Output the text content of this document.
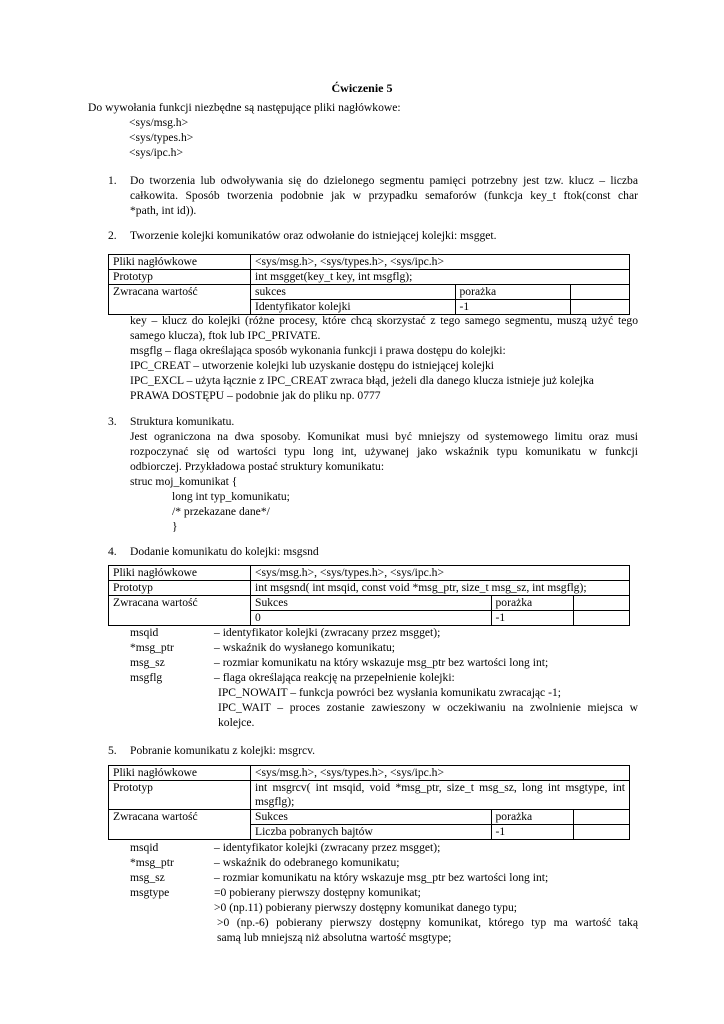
Ćwiczenie 5
Do wywołania funkcji niezbędne są następujące pliki nagłówkowe:
<sys/msg.h>
<sys/types.h>
<sys/ipc.h>
1. Do tworzenia lub odwoływania się do dzielonego segmentu pamięci potrzebny jest tzw. klucz – liczba
całkowita. Sposób tworzenia podobnie jak w przypadku semaforów (funkcja key_t ftok(const char
*path, int id)).
2. Tworzenie kolejki komunikatów oraz odwołanie do istniejącej kolejki: msgget.
Pliki nagłówkowe	<sys/msg.h>, <sys/types.h>, <sys/ipc.h>
Prototyp	int msgget(key_t key, int msgflg);
Zwracana wartość		sukces	porażka	
Identyfikator kolejki	-1	
key – klucz do kolejki (różne procesy, które chcą skorzystać z tego samego segmentu, muszą użyć tego
samego klucza), ftok lub IPC_PRIVATE.
msgflg – flaga określająca sposób wykonania funkcji i prawa dostępu do kolejki:
IPC_CREAT – utworzenie kolejki lub uzyskanie dostępu do istniejącej kolejki
IPC_EXCL – użyta łącznie z IPC_CREAT zwraca błąd, jeżeli dla danego klucza istnieje już kolejka
PRAWA DOSTĘPU – podobnie jak do pliku np. 0777
3. Struktura komunikatu.
Jest ograniczona na dwa sposoby. Komunikat musi być mniejszy od systemowego limitu oraz musi
rozpoczynać się od wartości typu long int, używanej jako wskaźnik typu komunikatu w funkcji
odbiorczej. Przykładowa postać struktury komunikatu:
struc moj_komunikat {
long int typ_komunikatu;
/* przekazane dane*/
}
4. Dodanie komunikatu do kolejki: msgsnd
Pliki nagłówkowe	<sys/msg.h>, <sys/types.h>, <sys/ipc.h>
Prototyp	int msgsnd( int msqid, const void *msg_ptr, size_t msg_sz, int msgflg);
Zwracana wartość		Sukces	porażka	
0	-1	
msqid	– identyfikator kolejki (zwracany przez msgget);
*msg_ptr	– wskaźnik do wysłanego komunikatu;
msg_sz	– rozmiar komunikatu na który wskazuje msg_ptr bez wartości long int;
msgflg	– flaga określająca reakcję na przepełnienie kolejki:
IPC_NOWAIT – funkcja powróci bez wysłania komunikatu zwracając -1;
IPC_WAIT – proces zostanie zawieszony w oczekiwaniu na zwolnienie miejsca w
kolejce.
5. Pobranie komunikatu z kolejki: msgrcv.
Pliki nagłówkowe	<sys/msg.h>, <sys/types.h>, <sys/ipc.h>
Prototyp	int msgrcv( int msqid, void *msg_ptr, size_t msg_sz, long int msgtype, int
msgflg);

Zwracana wartość		Sukces	porażka	
Liczba pobranych bajtów	-1	
msqid	– identyfikator kolejki (zwracany przez msgget);
*msg_ptr	– wskaźnik do odebranego komunikatu;
msg_sz	– rozmiar komunikatu na który wskazuje msg_ptr bez wartości long int;
msgtype	=0 pobierany pierwszy dostępny komunikat;
>0 (np.11) pobierany pierwszy dostępny komunikat danego typu;
>0 (np.-6) pobierany pierwszy dostępny komunikat, którego typ ma wartość taką
samą lub mniejszą niż absolutna wartość msgtype;
